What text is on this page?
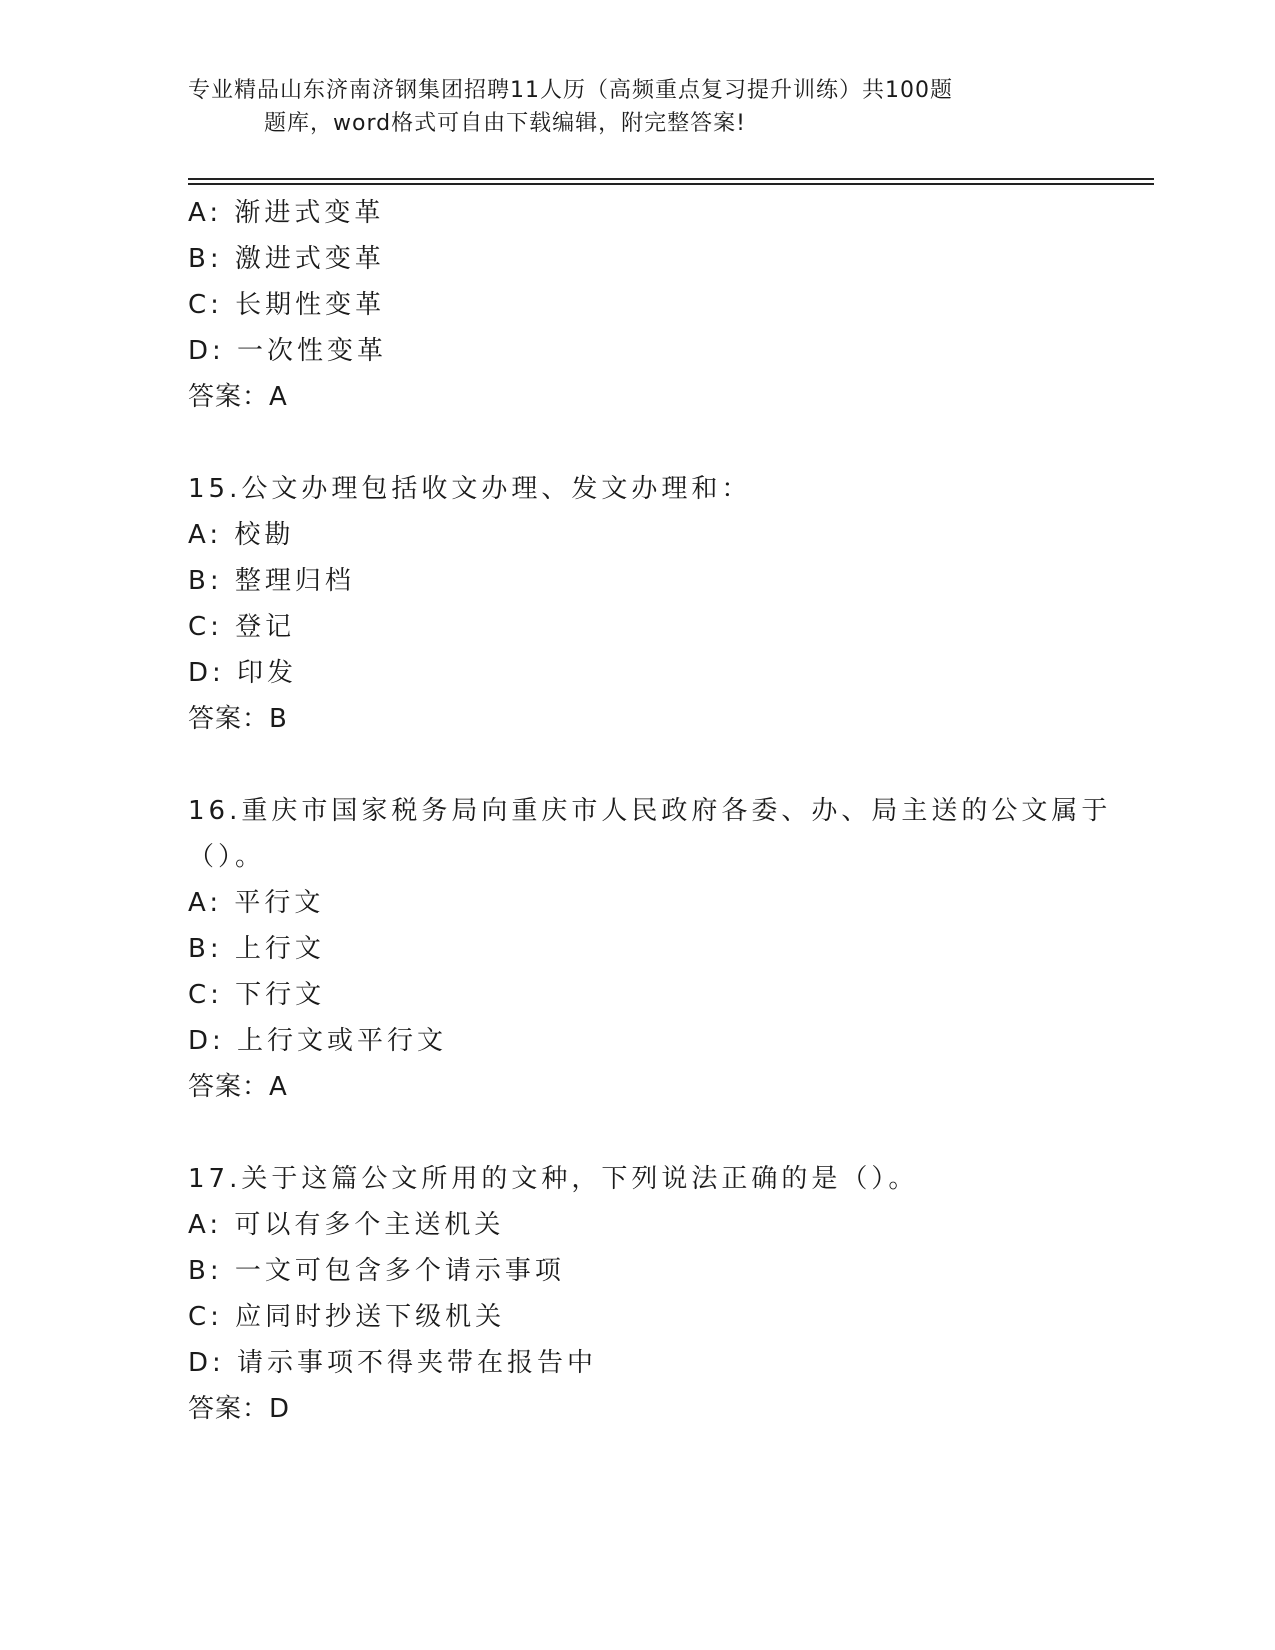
专业精品山东济南济钢集团招聘11人历（高频重点复习提升训练）共100题
题库，word格式可自由下载编辑，附完整答案!
A: 渐进式变革
B: 激进式变革
C: 长期性变革
D: 一次性变革
答案：A
15.公文办理包括收文办理、发文办理和：
A: 校勘
B: 整理归档
C: 登记
D: 印发
答案：B
16.重庆市国家税务局向重庆市人民政府各委、办、局主送的公文属于
（）。
A: 平行文
B: 上行文
C: 下行文
D: 上行文或平行文
答案：A
17.关于这篇公文所用的文种，下列说法正确的是（）。
A: 可以有多个主送机关
B: 一文可包含多个请示事项
C: 应同时抄送下级机关
D: 请示事项不得夹带在报告中
答案：D
